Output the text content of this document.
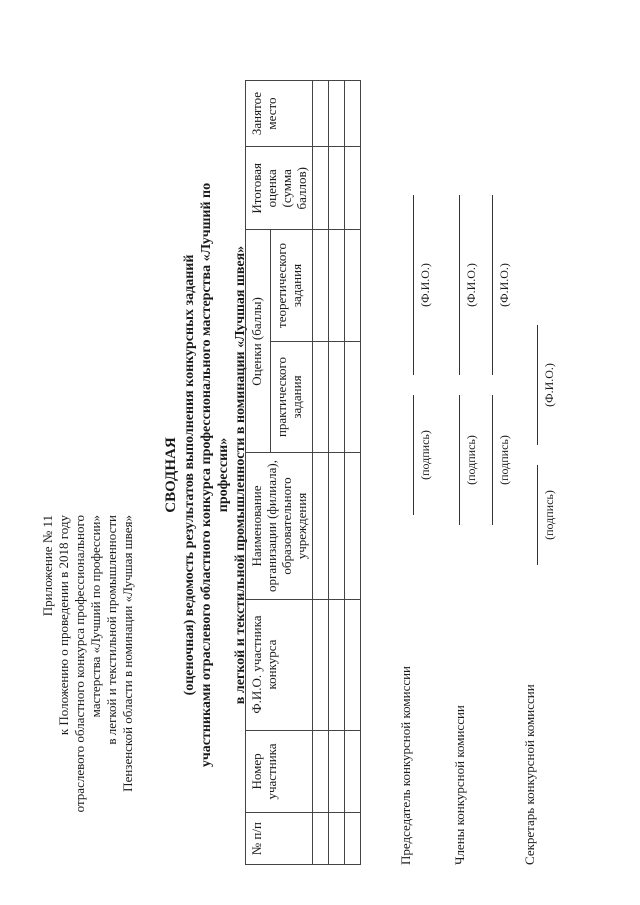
Приложение № 11 к Положению о проведении в 2018 году отраслевого областного конкурса профессионального мастерства «Лучший по профессии» в легкой и текстильной промышленности Пензенской области в номинации «Лучшая швея»
СВОДНАЯ (оценочная) ведомость результатов выполнения конкурсных заданий участниками отраслевого областного конкурса профессионального мастерства «Лучший по профессии» в легкой и текстильной промышленности в номинации «Лучшая швея»
№ п/п	Номер участника	Ф.И.О. участника конкурса	Наименование организации (филиала), образовательного учреждения	Оценки (баллы)		Итоговая оценка (сумма баллов)	Занятое место
				практического задания	теоретического задания		

Председатель конкурсной комиссии
(подпись)
(Ф.И.О.)
Члены конкурсной комиссии
(подпись)
(Ф.И.О.)
(подпись)
(Ф.И.О.)
Секретарь конкурсной комиссии
(подпись)
(Ф.И.О.)
